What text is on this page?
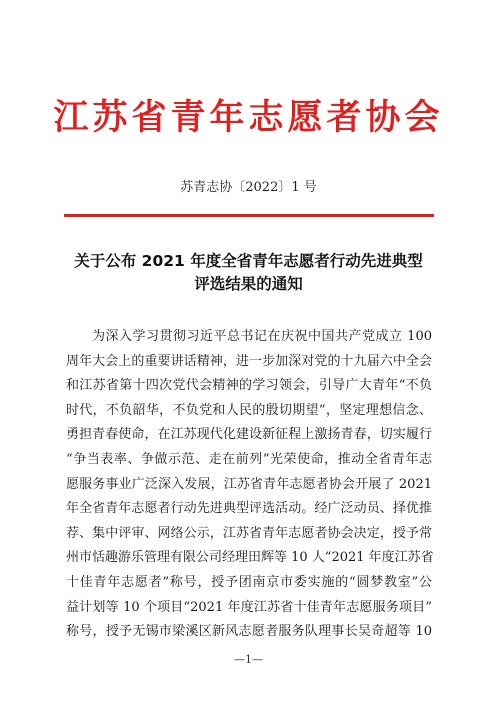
江苏省青年志愿者协会
苏青志协〔2022〕1 号
关于公布 2021 年度全省青年志愿者行动先进典型
评选结果的通知
为深入学习贯彻习近平总书记在庆祝中国共产党成立 100
周年大会上的重要讲话精神，进一步加深对党的十九届六中全会
和江苏省第十四次党代会精神的学习领会，引导广大青年“不负
时代，不负韶华，不负党和人民的殷切期望”，坚定理想信念、
勇担青春使命，在江苏现代化建设新征程上激扬青春，切实履行
“争当表率、争做示范、走在前列”光荣使命，推动全省青年志
愿服务事业广泛深入发展，江苏省青年志愿者协会开展了 2021
年全省青年志愿者行动先进典型评选活动。经广泛动员、择优推
荐、集中评审、网络公示，江苏省青年志愿者协会决定，授予常
州市恬趣游乐管理有限公司经理田辉等 10 人“2021 年度江苏省
十佳青年志愿者”称号，授予团南京市委实施的“圆梦教室”公
益计划等 10 个项目“2021 年度江苏省十佳青年志愿服务项目”
称号，授予无锡市梁溪区新风志愿者服务队理事长吴奇超等 10
—1—
